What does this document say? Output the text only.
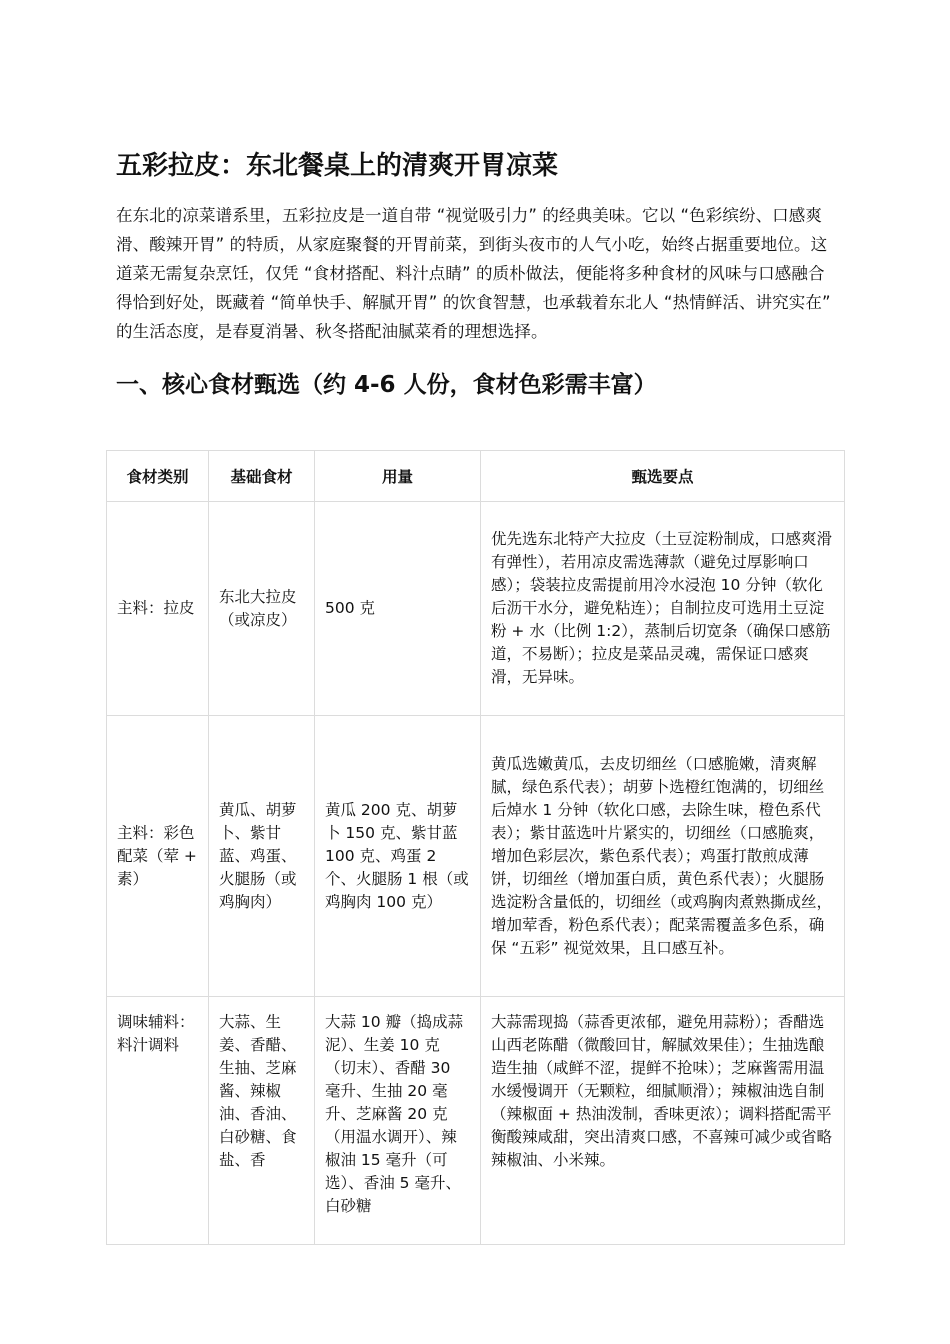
五彩拉皮：东北餐桌上的清爽开胃凉菜

在东北的凉菜谱系里，五彩拉皮是一道自带 “视觉吸引力” 的经典美味。它以 “色彩缤纷、口感爽滑、酸辣开胃” 的特质，从家庭聚餐的开胃前菜，到街头夜市的人气小吃，始终占据重要地位。这道菜无需复杂烹饪，仅凭 “食材搭配、料汁点睛” 的质朴做法，便能将多种食材的风味与口感融合得恰到好处，既藏着 “简单快手、解腻开胃” 的饮食智慧，也承载着东北人 “热情鲜活、讲究实在” 的生活态度，是春夏消暑、秋冬搭配油腻菜肴的理想选择。

一、核心食材甄选（约 4-6 人份，食材色彩需丰富）
食材类别	基础食材	用量	甄选要点
主料：拉皮	东北大拉皮（或凉皮）	500 克	优先选东北特产大拉皮（土豆淀粉制成，口感爽滑有弹性），若用凉皮需选薄款（避免过厚影响口感）；袋装拉皮需提前用冷水浸泡 10 分钟（软化后沥干水分，避免粘连）；自制拉皮可选用土豆淀粉 + 水（比例 1:2），蒸制后切宽条（确保口感筋道，不易断）；拉皮是菜品灵魂，需保证口感爽滑，无异味。
主料：彩色配菜（荤 + 素）	黄瓜、胡萝卜、紫甘蓝、鸡蛋、火腿肠（或鸡胸肉）	黄瓜 200 克、胡萝卜 150 克、紫甘蓝 100 克、鸡蛋 2 个、火腿肠 1 根（或鸡胸肉 100 克）	黄瓜选嫩黄瓜，去皮切细丝（口感脆嫩，清爽解腻，绿色系代表）；胡萝卜选橙红饱满的，切细丝后焯水 1 分钟（软化口感，去除生味，橙色系代表）；紫甘蓝选叶片紧实的，切细丝（口感脆爽，增加色彩层次，紫色系代表）；鸡蛋打散煎成薄饼，切细丝（增加蛋白质，黄色系代表）；火腿肠选淀粉含量低的，切细丝（或鸡胸肉煮熟撕成丝，增加荤香，粉色系代表）；配菜需覆盖多色系，确保 “五彩” 视觉效果，且口感互补。

调味辅料：料汁调料	大蒜、生姜、香醋、生抽、芝麻酱、辣椒油、香油、白砂糖、食盐、香	大蒜 10 瓣（捣成蒜泥）、生姜 10 克（切末）、香醋 30 毫升、生抽 20 毫升、芝麻酱 20 克（用温水调开）、辣椒油 15 毫升（可选）、香油 5 毫升、白砂糖	大蒜需现捣（蒜香更浓郁，避免用蒜粉）；香醋选山西老陈醋（微酸回甘，解腻效果佳）；生抽选酿造生抽（咸鲜不涩，提鲜不抢味）；芝麻酱需用温水缓慢调开（无颗粒，细腻顺滑）；辣椒油选自制（辣椒面 + 热油泼制，香味更浓）；调料搭配需平衡酸辣咸甜，突出清爽口感，不喜辣可减少或省略辣椒油、小米辣。
